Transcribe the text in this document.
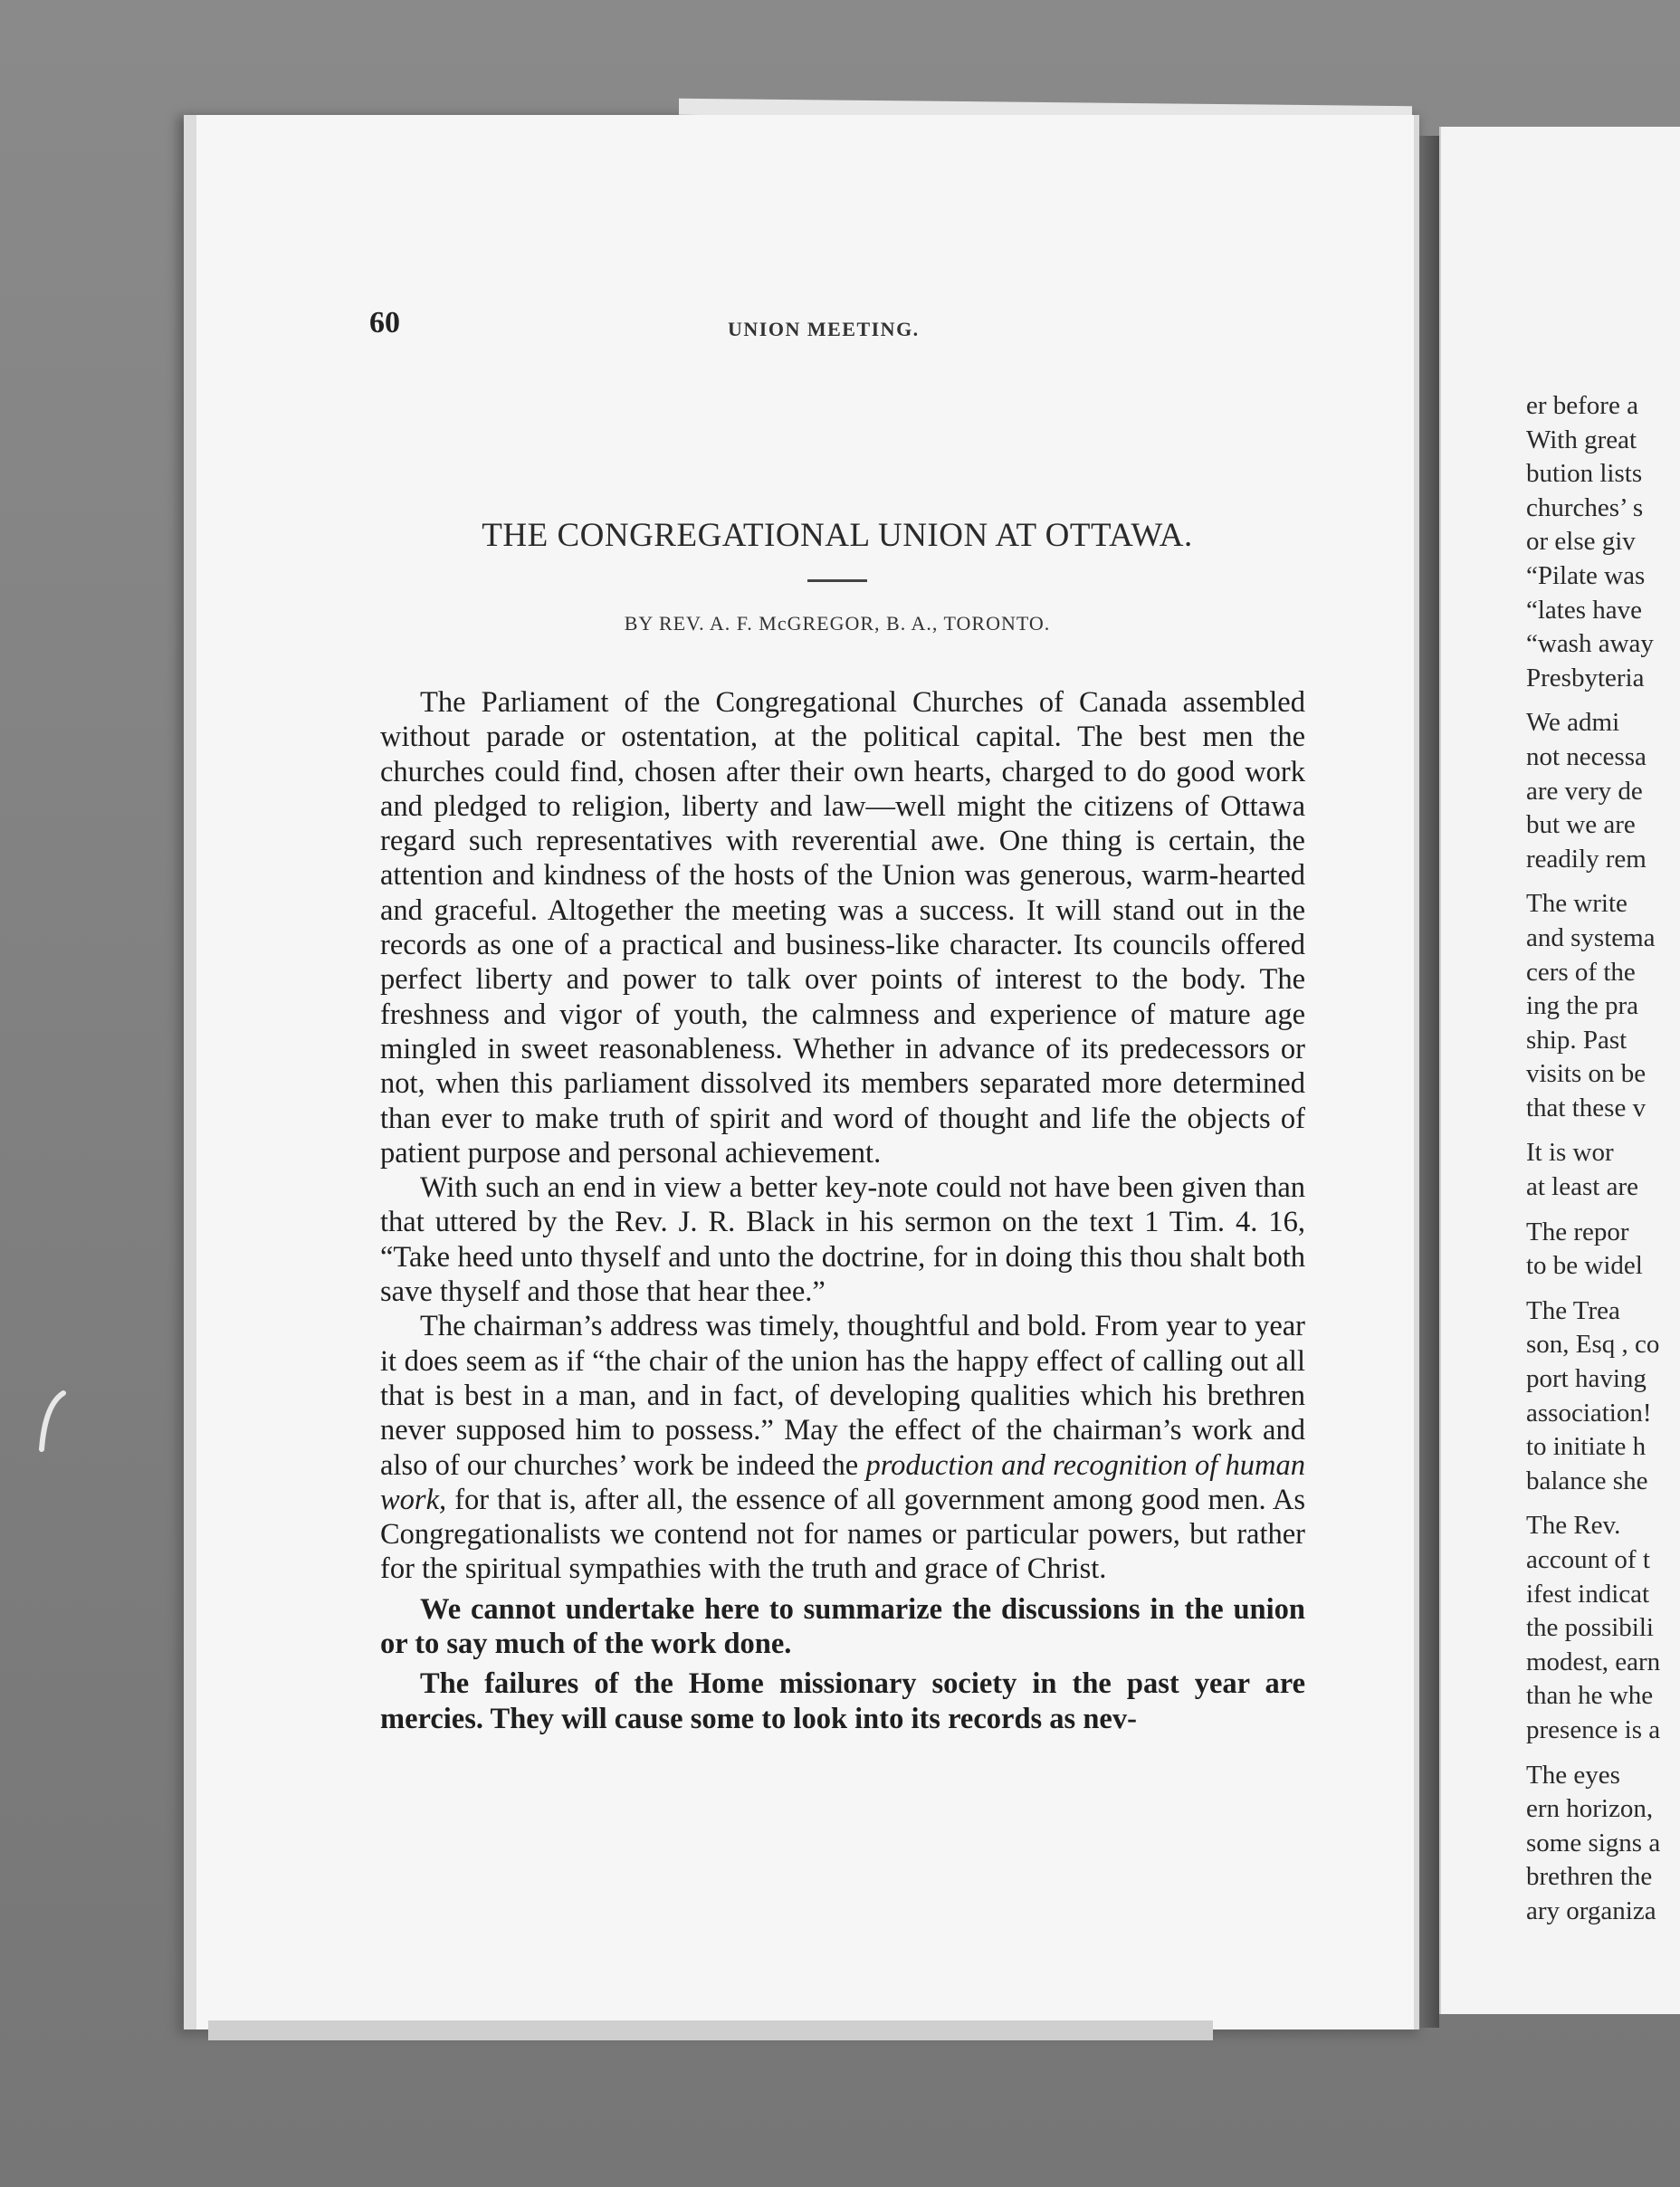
60	UNION MEETING.
THE CONGREGATIONAL UNION AT OTTAWA.
BY REV. A. F. McGREGOR, B. A., TORONTO.

The Parliament of the Congregational Churches of Canada assembled without parade or ostentation, at the political capital. The best men the churches could find, chosen after their own hearts, charged to do good work and pledged to religion, liberty and law—well might the citizens of Ottawa regard such representatives with reverential awe. One thing is certain, the attention and kindness of the hosts of the Union was generous, warm-hearted and graceful. Altogether the meeting was a success. It will stand out in the records as one of a practical and business-like character. Its councils offered perfect liberty and power to talk over points of interest to the body. The freshness and vigor of youth, the calmness and experience of mature age mingled in sweet reasonableness. Whether in advance of its predecessors or not, when this parliament dissolved its members separated more determined than ever to make truth of spirit and word of thought and life the objects of patient purpose and personal achievement.

With such an end in view a better key-note could not have been given than that uttered by the Rev. J. R. Black in his sermon on the text 1 Tim. 4. 16, “Take heed unto thyself and unto the doctrine, for in doing this thou shalt both save thyself and those that hear thee.”

The chairman’s address was timely, thoughtful and bold. From year to year it does seem as if “the chair of the union has the happy effect of calling out all that is best in a man, and in fact, of developing qualities which his brethren never supposed him to possess.” May the effect of the chairman’s work and also of our churches’ work be indeed the production and recognition of human work, for that is, after all, the essence of all government among good men. As Congregationalists we contend not for names or particular powers, but rather for the spiritual sympathies with the truth and grace of Christ.

We cannot undertake here to summarize the discussions in the union or to say much of the work done.

The failures of the Home missionary society in the past year are mercies. They will cause some to look into its records as nev-

er before a
With great
bution lists
churches’ s
or else giv
“Pilate was
“lates have
“wash away
Presbyteria
We admi
not necessa
are very de
but we are
readily rem
The write
and systema
cers of the
ing the pra
ship. Past
visits on be
that these v
It is wor
at least are
The repor
to be widel
The Trea
son, Esq , co
port having
association!
to initiate h
balance she
The Rev.
account of t
ifest indicat
the possibili
modest, earn
than he whe
presence is a
The eyes
ern horizon,
some signs a
brethren the
ary organiza
